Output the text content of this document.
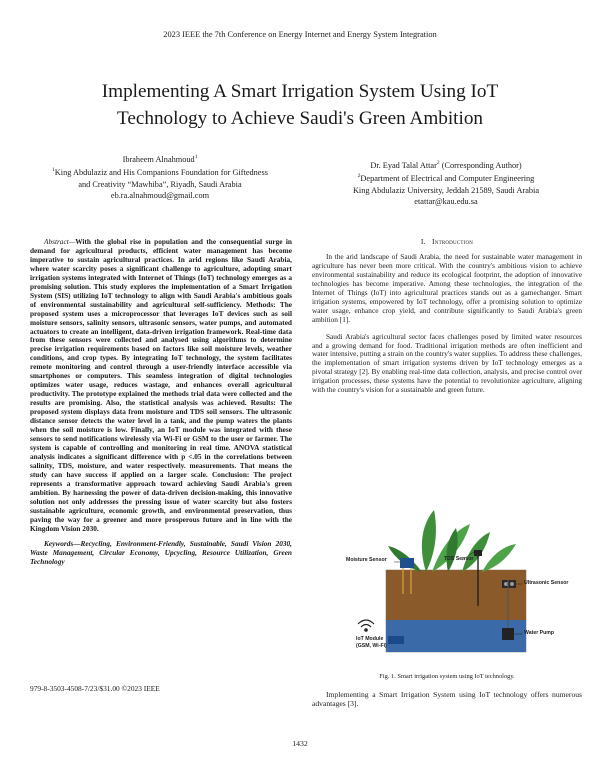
2023 IEEE the 7th Conference on Energy Internet and Energy System Integration
Implementing A Smart Irrigation System Using IoT
Technology to Achieve Saudi's Green Ambition
Ibraheem Alnahmoud$^1$
$^1$King Abdulaziz and His Companions Foundation for Giftedness
and Creativity “Mawhiba”, Riyadh, Saudi Arabia
eb.ra.alnahmoud@gmail.com
Dr. Eyad Talal Attar$^2$ (Corresponding Author)
$^2$Department of Electrical and Computer Engineering
King Abdulaziz University, Jeddah 21589, Saudi Arabia
etattar@kau.edu.sa

Abstract—With the global rise in population and the consequential surge in demand for agricultural products, efficient water management has become imperative to sustain agricultural practices. In arid regions like Saudi Arabia, where water scarcity poses a significant challenge to agriculture, adopting smart irrigation systems integrated with Internet of Things (IoT) technology emerges as a promising solution. This study explores the implementation of a Smart Irrigation System (SIS) utilizing IoT technology to align with Saudi Arabia's ambitious goals of environmental sustainability and agricultural self-sufficiency. Methods: The proposed system uses a microprocessor that leverages IoT devices such as soil moisture sensors, salinity sensors, ultrasonic sensors, water pumps, and automated actuators to create an intelligent, data-driven irrigation framework. Real-time data from these sensors were collected and analysed using algorithms to determine precise irrigation requirements based on factors like soil moisture levels, weather conditions, and crop types. By integrating IoT technology, the system facilitates remote monitoring and control through a user-friendly interface accessible via smartphones or computers. This seamless integration of digital technologies optimizes water usage, reduces wastage, and enhances overall agricultural productivity. The prototype explained the methods trial data were collected and the results are promising. Also, the statistical analysis was achieved. Results: The proposed system displays data from moisture and TDS soil sensors. The ultrasonic distance sensor detects the water level in a tank, and the pump waters the plants when the soil moisture is low. Finally, an IoT module was integrated with these sensors to send notifications wirelessly via Wi-Fi or GSM to the user or farmer. The system is capable of controlling and monitoring in real time. ANOVA statistical analysis indicates a significant difference with p <.05 in the correlations between salinity, TDS, moisture, and water respectively. measurements. That means the study can have success if applied on a larger scale. Conclusion: The project represents a transformative approach toward achieving Saudi Arabia's green ambition. By harnessing the power of data-driven decision-making, this innovative solution not only addresses the pressing issue of water scarcity but also fosters sustainable agriculture, economic growth, and environmental preservation, thus paving the way for a greener and more prosperous future and in line with the Kingdom Vision 2030.

Keywords—Recycling, Environment-Friendly, Sustainable, Saudi Vision 2030, Waste Management, Circular Economy, Upcycling, Resource Utilization, Green Technology

979-8-3503-4508-7/23/$31.00 ©2023 IEEE
I. Introduction

In the arid landscape of Saudi Arabia, the need for sustainable water management in agriculture has never been more critical. With the country's ambitious vision to achieve environmental sustainability and reduce its ecological footprint, the adoption of innovative technologies has become imperative. Among these technologies, the integration of the Internet of Things (IoT) into agricultural practices stands out as a gamechanger. Smart irrigation systems, empowered by IoT technology, offer a promising solution to optimize water usage, enhance crop yield, and contribute significantly to Saudi Arabia's green ambition [1].

Saudi Arabia's agricultural sector faces challenges posed by limited water resources and a growing demand for food. Traditional irrigation methods are often inefficient and water intensive, putting a strain on the country's water supplies. To address these challenges, the implementation of smart irrigation systems driven by IoT technology emerges as a pivotal strategy [2]. By enabling real-time data collection, analysis, and precise control over irrigation processes, these systems have the potential to revolutionize agriculture, aligning with the country's vision for a sustainable and green future.

Moisture Sensor	TDS Sensor
Ultrasonic Sensor
Water Pump
IoT Module
(GSM, Wi-Fi)
Fig. 1. Smart irrigation system using IoT technology.

Implementing a Smart Irrigation System using IoT technology offers numerous advantages [3].

1432
